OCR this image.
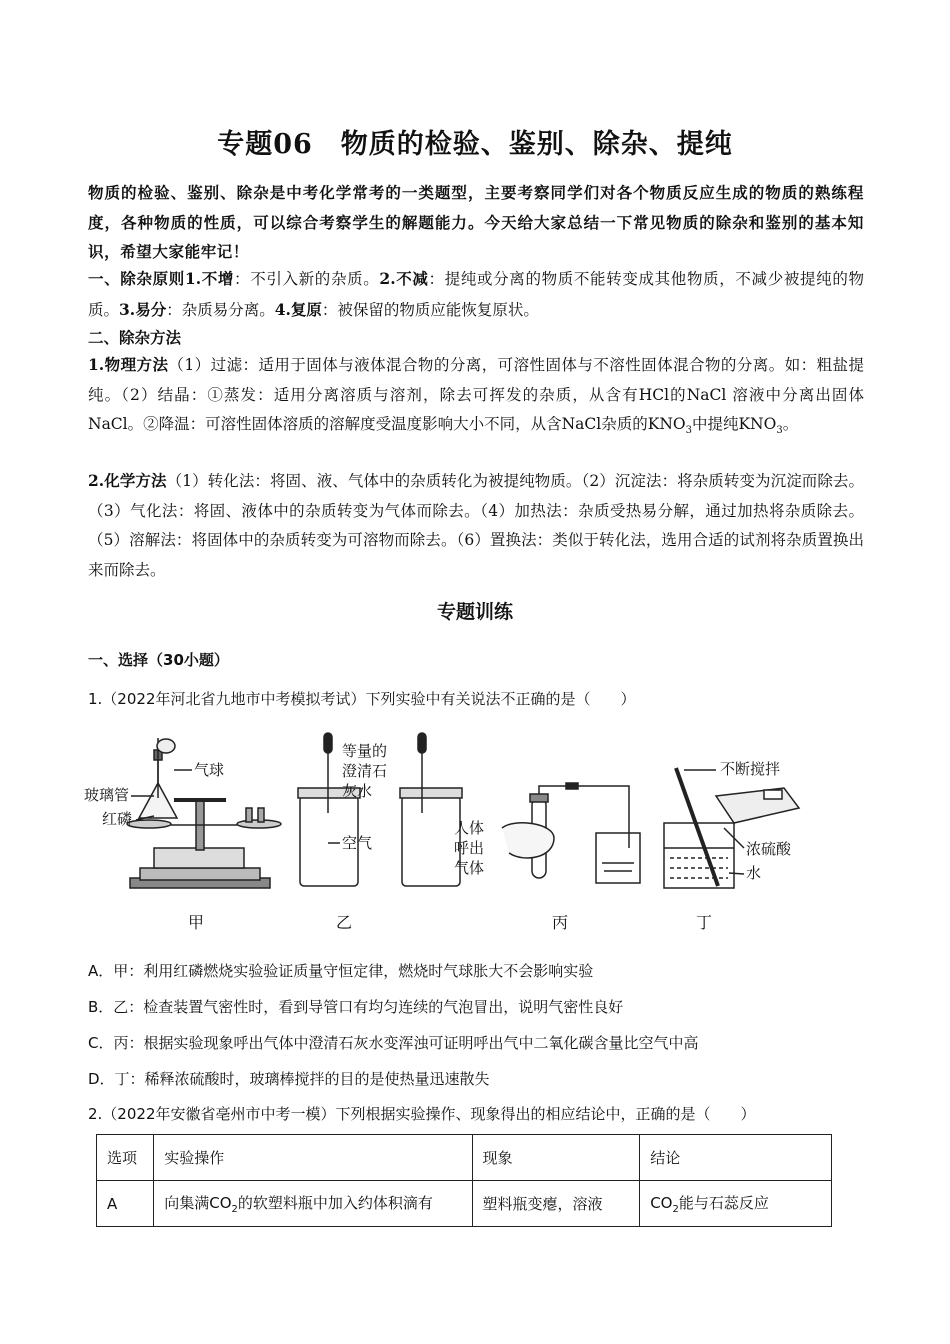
专题06　物质的检验、鉴别、除杂、提纯
物质的检验、鉴别、除杂是中考化学常考的一类题型，主要考察同学们对各个物质反应生成的物质的熟练程度，各种物质的性质，可以综合考察学生的解题能力。今天给大家总结一下常见物质的除杂和鉴别的基本知识，希望大家能牢记！
一、除杂原则1.不增：不引入新的杂质。2.不减：提纯或分离的物质不能转变成其他物质，不减少被提纯的物质。3.易分：杂质易分离。4.复原：被保留的物质应能恢复原状。
二、除杂方法
1.物理方法（1）过滤：适用于固体与液体混合物的分离，可溶性固体与不溶性固体混合物的分离。如：粗盐提纯。（2）结晶：①蒸发：适用分离溶质与溶剂，除去可挥发的杂质，从含有HCl的NaCl 溶液中分离出固体NaCl。②降温：可溶性固体溶质的溶解度受温度影响大小不同，从含NaCl杂质的$KNO_3$中提纯$KNO_3$。
2.化学方法（1）转化法：将固、液、气体中的杂质转化为被提纯物质。（2）沉淀法：将杂质转变为沉淀而除去。（3）气化法：将固、液体中的杂质转变为气体而除去。（4）加热法：杂质受热易分解，通过加热将杂质除去。（5）溶解法：将固体中的杂质转变为可溶物而除去。（6）置换法：类似于转化法，选用合适的试剂将杂质置换出来而除去。
专题训练
一、选择（30小题）
1.（2022年河北省九地市中考模拟考试）下列实验中有关说法不正确的是（　　）
气球
玻璃管
红磷
等量的
澄清石
灰水
空气
人体
呼出
气体
不断搅拌
浓硫酸
水
甲	乙	丙	丁
A．甲：利用红磷燃烧实验验证质量守恒定律，燃烧时气球胀大不会影响实验
B．乙：检查装置气密性时，看到导管口有均匀连续的气泡冒出，说明气密性良好
C．丙：根据实验现象呼出气体中澄清石灰水变浑浊可证明呼出气中二氧化碳含量比空气中高
D．丁：稀释浓硫酸时，玻璃棒搅拌的目的是使热量迅速散失
2.（2022年安徽省亳州市中考一模）下列根据实验操作、现象得出的相应结论中，正确的是（　　）
选项	实验操作	现象	结论
A	向集满$CO_2$的软塑料瓶中加入约体积滴有	塑料瓶变瘪，溶液	$CO_2$能与石蕊反应
